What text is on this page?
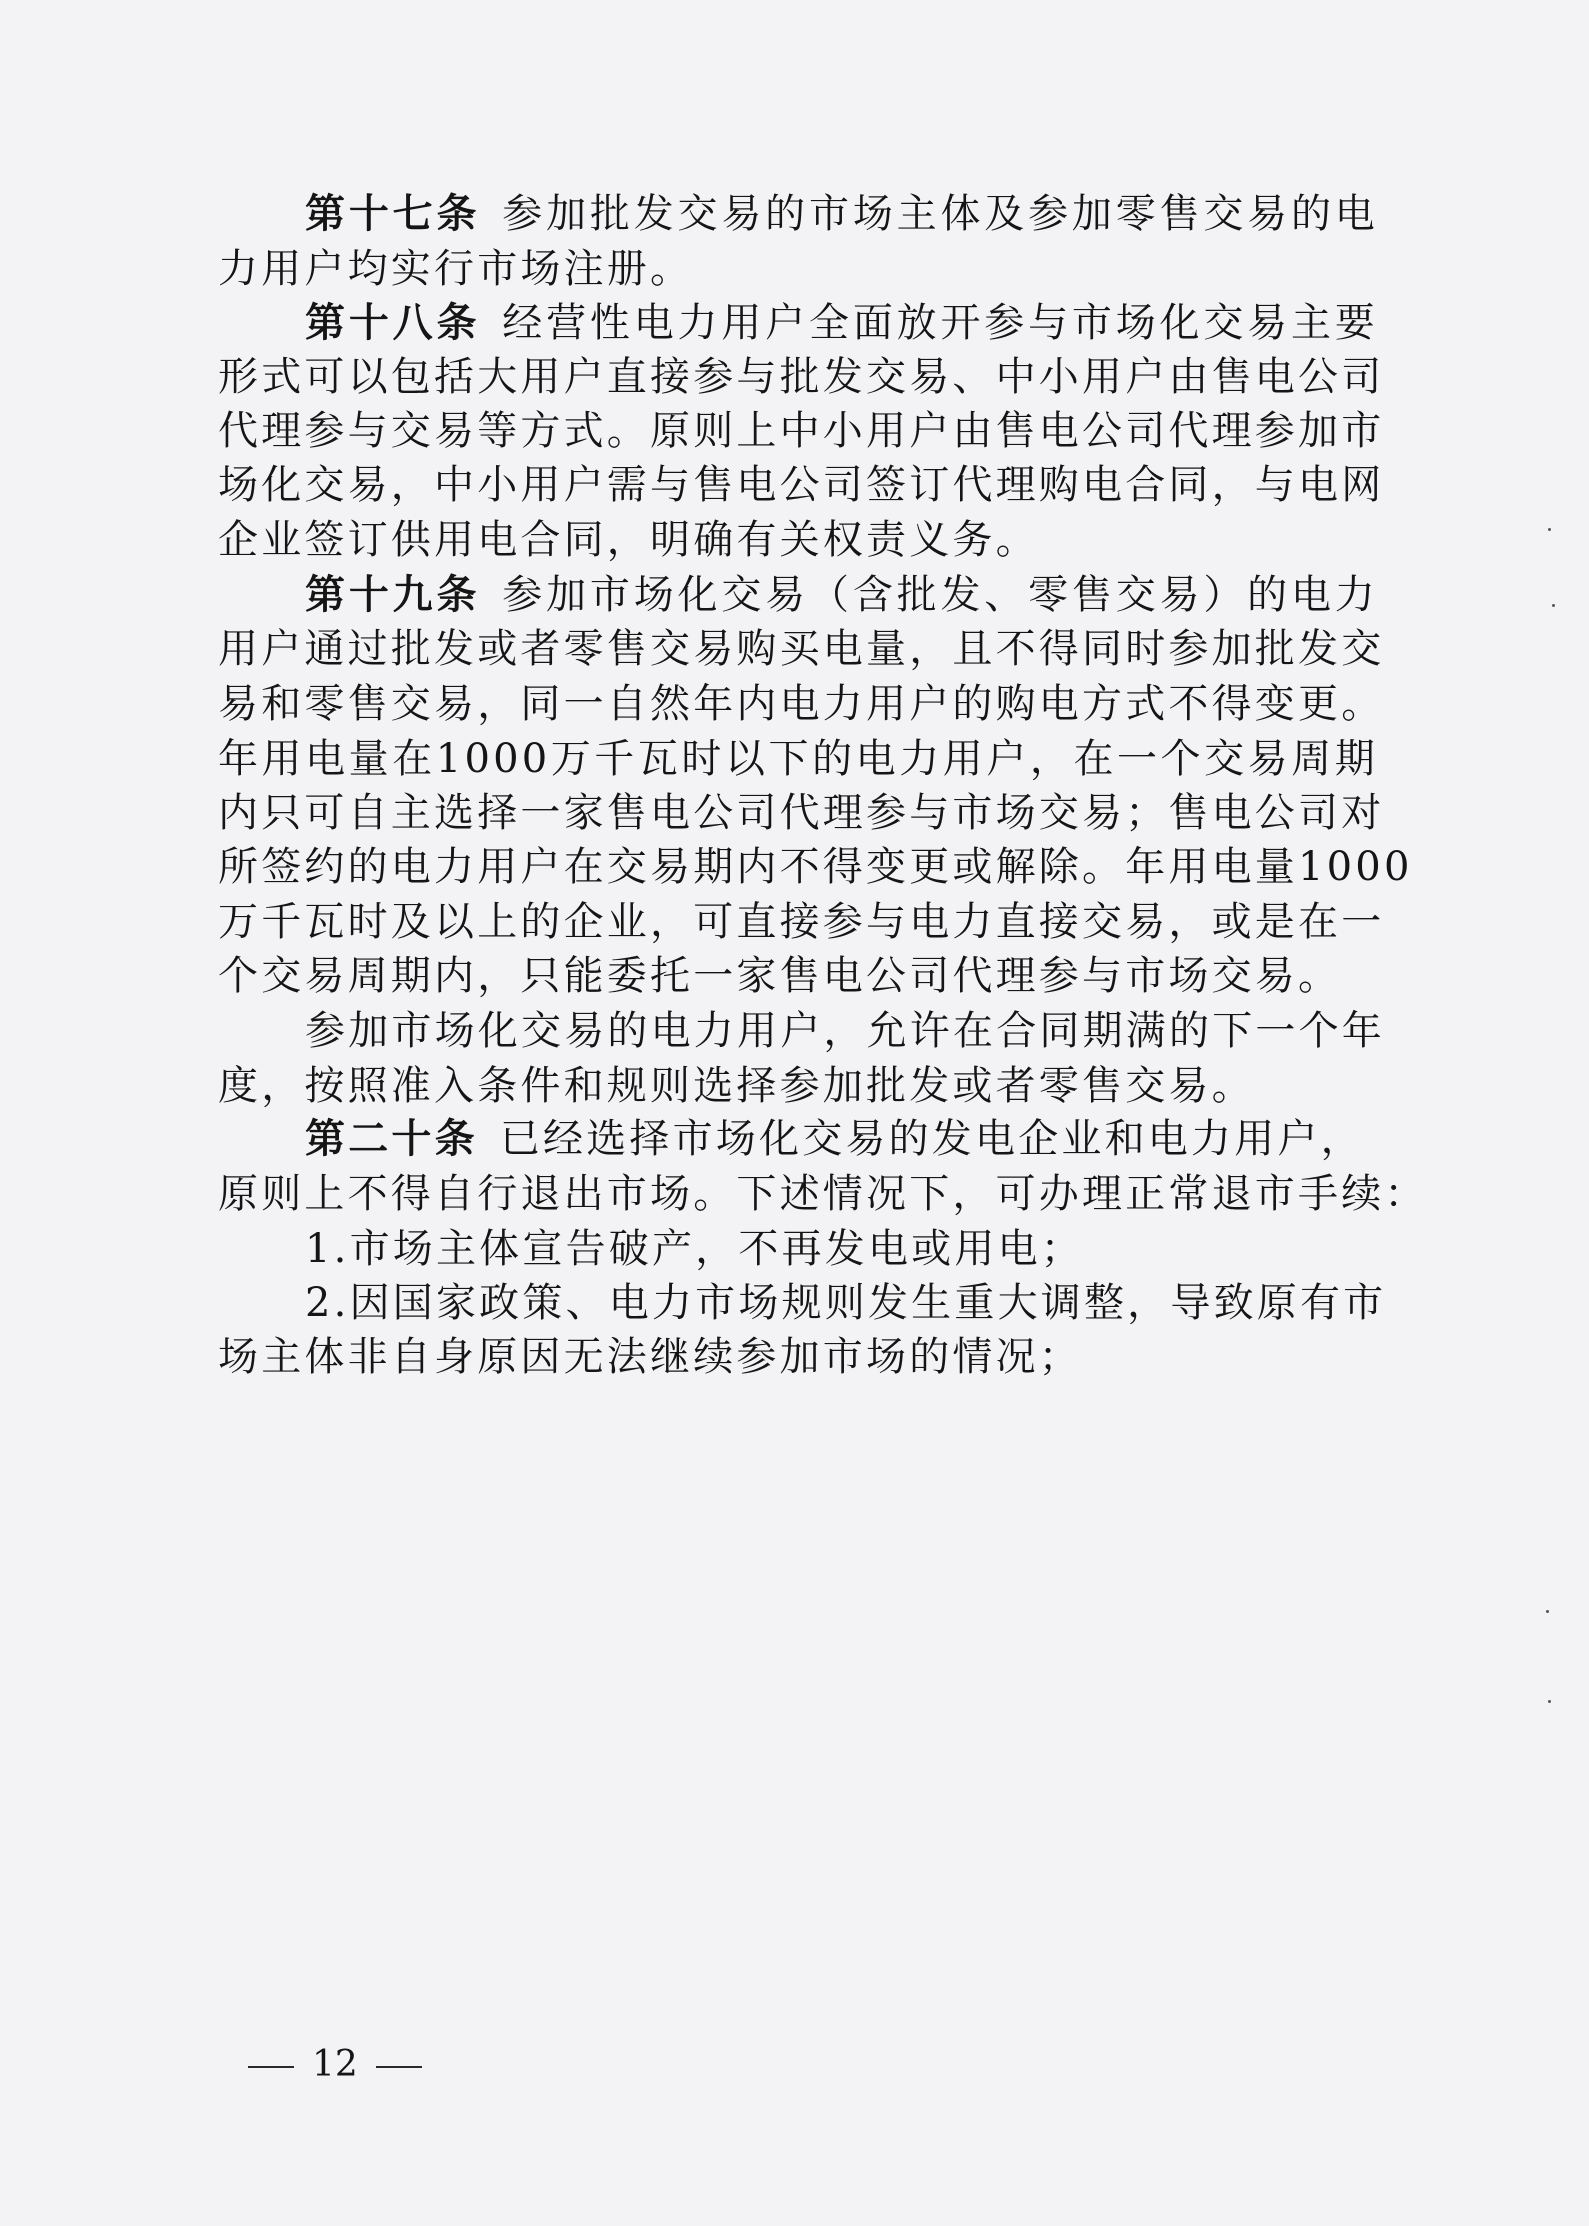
第十七条 参加批发交易的市场主体及参加零售交易的电
力用户均实行市场注册。
第十八条 经营性电力用户全面放开参与市场化交易主要
形式可以包括大用户直接参与批发交易、中小用户由售电公司
代理参与交易等方式。原则上中小用户由售电公司代理参加市
场化交易，中小用户需与售电公司签订代理购电合同，与电网
企业签订供用电合同，明确有关权责义务。
第十九条 参加市场化交易（含批发、零售交易）的电力
用户通过批发或者零售交易购买电量，且不得同时参加批发交
易和零售交易，同一自然年内电力用户的购电方式不得变更。
年用电量在1000万千瓦时以下的电力用户，在一个交易周期
内只可自主选择一家售电公司代理参与市场交易；售电公司对
所签约的电力用户在交易期内不得变更或解除。年用电量1000
万千瓦时及以上的企业，可直接参与电力直接交易，或是在一
个交易周期内，只能委托一家售电公司代理参与市场交易。
参加市场化交易的电力用户，允许在合同期满的下一个年
度，按照准入条件和规则选择参加批发或者零售交易。
第二十条 已经选择市场化交易的发电企业和电力用户，
原则上不得自行退出市场。下述情况下，可办理正常退市手续：
1.市场主体宣告破产，不再发电或用电；
2.因国家政策、电力市场规则发生重大调整，导致原有市
场主体非自身原因无法继续参加市场的情况；
12
